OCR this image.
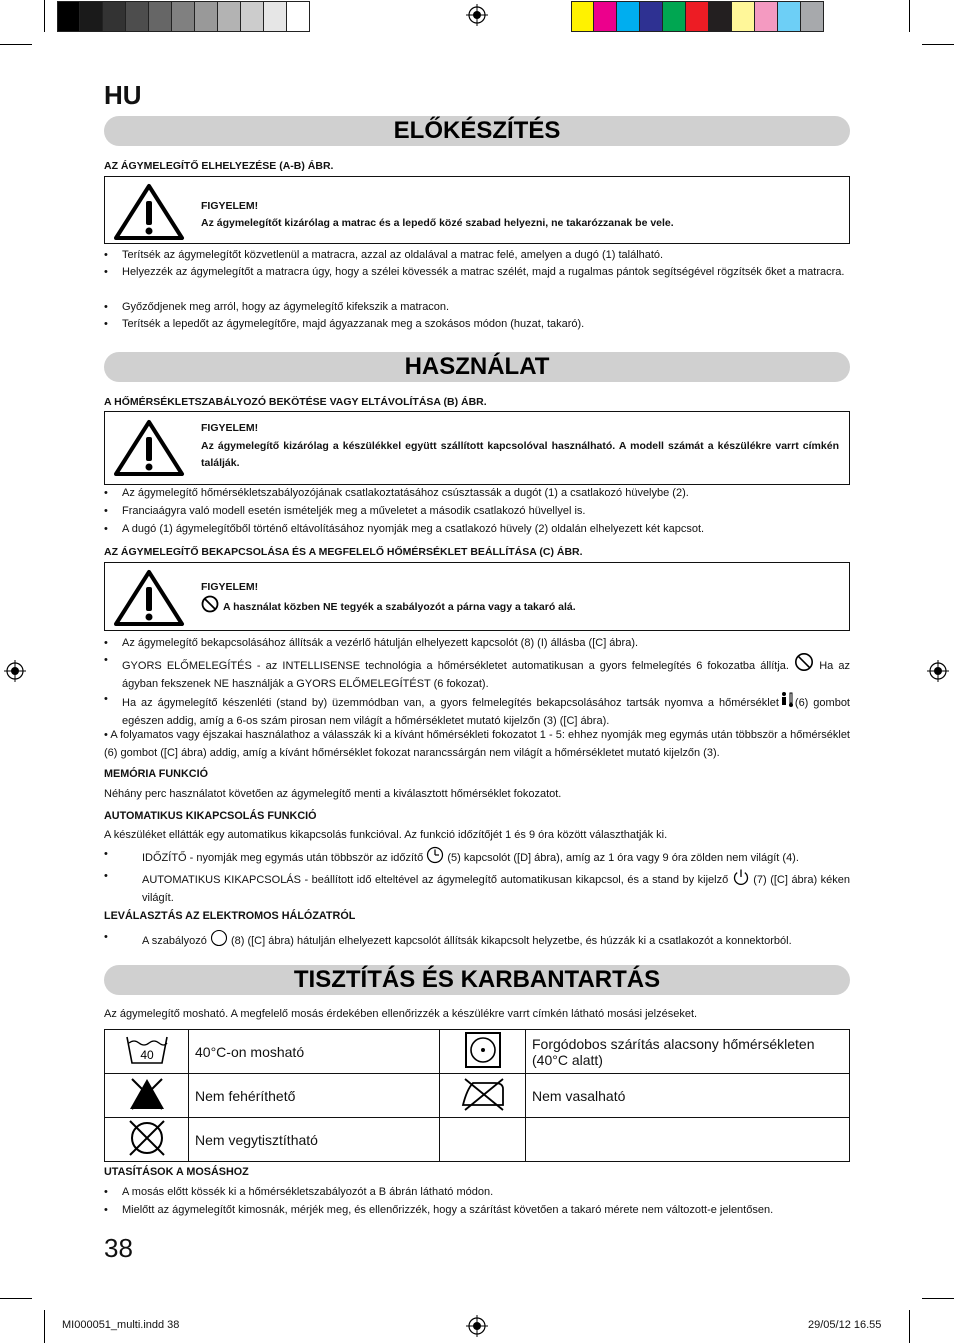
HU
ELŐKÉSZÍTÉS
AZ ÁGYMELEGÍTŐ ELHELYEZÉSE (A-B) ÁBR.
FIGYELEM!
Az ágymelegítőt kizárólag a matrac és a lepedő közé szabad helyezni, ne takarózzanak be vele.
• Terítsék az ágymelegítőt közvetlenül a matracra, azzal az oldalával a matrac felé, amelyen a dugó (1) található.
• Helyezzék az ágymelegítőt a matracra úgy, hogy a szélei kövessék a matrac szélét, majd a rugalmas pántok segítségével rögzítsék őket a matracra.
• Győződjenek meg arról, hogy az ágymelegítő kifekszik a matracon.
• Terítsék a lepedőt az ágymelegítőre, majd ágyazzanak meg a szokásos módon (huzat, takaró).
HASZNÁLAT
A HŐMÉRSÉKLETSZABÁLYOZÓ BEKÖTÉSE VAGY ELTÁVOLÍTÁSA (B) ÁBR.
FIGYELEM!
Az ágymelegítő kizárólag a készülékkel együtt szállított kapcsolóval használható. A modell számát a készülékre varrt címkén találják.
• Az ágymelegítő hőmérsékletszabályozójának csatlakoztatásához csúsztassák a dugót (1) a csatlakozó hüvelybe (2).
• Franciaágyra való modell esetén ismételjék meg a műveletet a második csatlakozó hüvellyel is.
• A dugó (1) ágymelegítőből történő eltávolításához nyomják meg a csatlakozó hüvely (2) oldalán elhelyezett két kapcsot.
AZ ÁGYMELEGÍTŐ BEKAPCSOLÁSA ÉS A MEGFELELŐ HŐMÉRSÉKLET BEÁLLÍTÁSA (C) ÁBR.
FIGYELEM!
A használat közben NE tegyék a szabályozót a párna vagy a takaró alá.
• Az ágymelegítő bekapcsolásához állítsák a vezérlő hátulján elhelyezett kapcsolót (8) (I) állásba ([C] ábra).
• GYORS ELŐMELEGÍTÉS - az INTELLISENSE technológia a hőmérsékletet automatikusan a gyors felmelegítés 6 fokozatba állítja.	Ha az ágyban fekszenek NE használják a GYORS ELŐMELEGÍTÉST (6 fokozat).
• Ha az ágymelegítő készenléti (stand by) üzemmódban van, a gyors felmelegítés bekapcsolásához tartsák nyomva a hőmérséklet (6) gombot egészen addig, amíg a 6-os szám pirosan nem világít a hőmérsékletet mutató kijelzőn (3) ([C] ábra).
• A folyamatos vagy éjszakai használathoz a válasszák ki a kívánt hőmérsékleti fokozatot 1 - 5: ehhez nyomják meg egymás után többször a hőmérséklet (6) gombot ([C] ábra) addig, amíg a kívánt hőmérséklet fokozat narancssárgán nem világít a hőmérsékletet mutató kijelzőn (3).
MEMÓRIA FUNKCIÓ
Néhány perc használatot követően az ágymelegítő menti a kiválasztott hőmérséklet fokozatot.
AUTOMATIKUS KIKAPCSOLÁS FUNKCIÓ
A készüléket ellátták egy automatikus kikapcsolás funkcióval. Az funkció időzítőjét 1 és 9 óra között választhatják ki.
• IDŐZÍTŐ - nyomják meg egymás után többször az időzítő (5) kapcsolót ([D] ábra), amíg az 1 óra vagy 9 óra zölden nem világít (4).
• AUTOMATIKUS KIKAPCSOLÁS - beállított idő elteltével az ágymelegítő automatikusan kikapcsol, és a stand by kijelző (7) ([C] ábra) kéken világít.
LEVÁLASZTÁS AZ ELEKTROMOS HÁLÓZATRÓL
• A szabályozó (8) ([C] ábra) hátulján elhelyezett kapcsolót állítsák kikapcsolt helyzetbe, és húzzák ki a csatlakozót a konnektorból.
TISZTÍTÁS ÉS KARBANTARTÁS
Az ágymelegítő mosható. A megfelelő mosás érdekében ellenőrizzék a készülékre varrt címkén látható mosási jelzéseket.
40	40°C-on mosható		Forgódobos szárítás alacsony hőmérsékleten (40°C alatt)
	Nem fehéríthető		Nem vasalható
	Nem vegytisztítható		
UTASÍTÁSOK A MOSÁSHOZ
• A mosás előtt kössék ki a hőmérsékletszabályozót a B ábrán látható módon.
• Mielőtt az ágymelegítőt kimosnák, mérjék meg, és ellenőrizzék, hogy a szárítást követően a takaró mérete nem változott-e jelentősen.
38
MI000051_multi.indd 38	29/05/12 16.55
